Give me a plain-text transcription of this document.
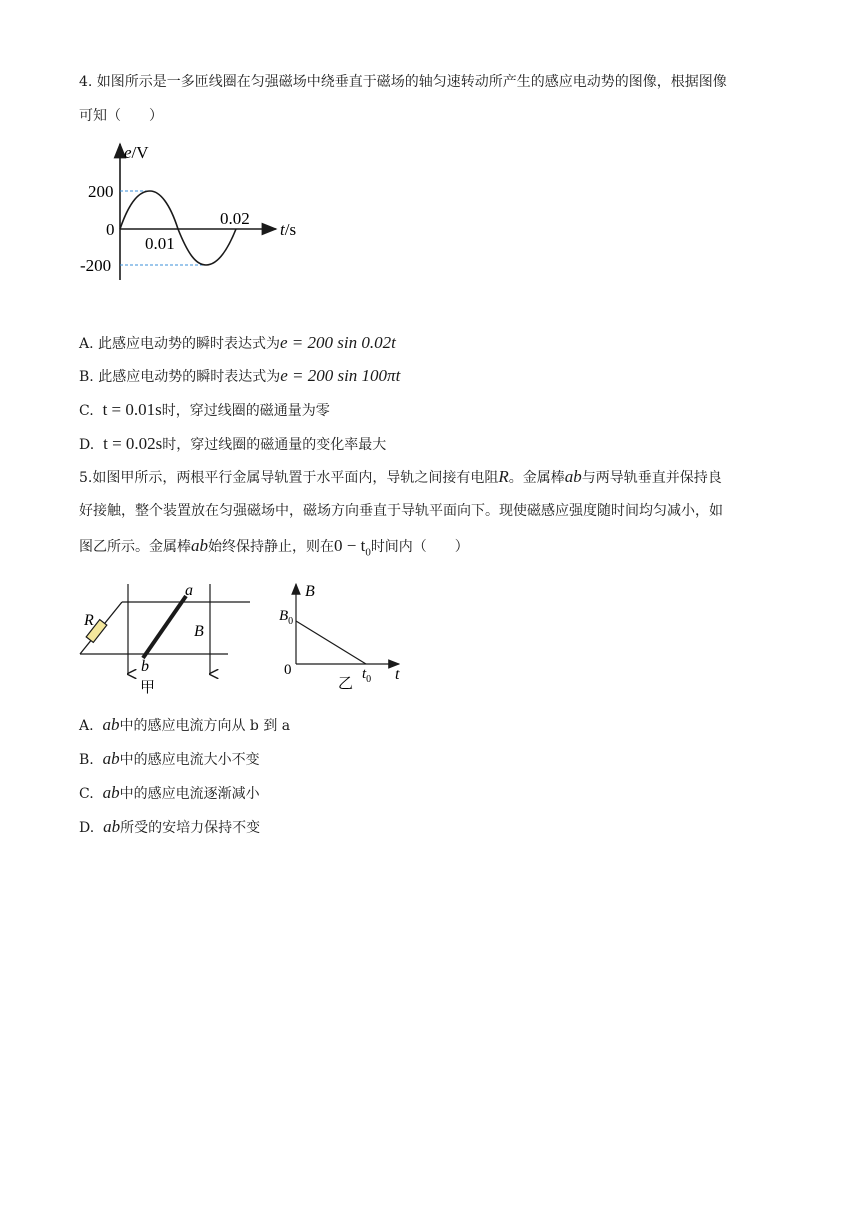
4. 如图所示是一多匝线圈在匀强磁场中绕垂直于磁场的轴匀速转动所产生的感应电动势的图像，根据图像
可知（　　）
e/V
t/s
200
0
-200
0.01
0.02
A. 此感应电动势的瞬时表达式为e = 200 sin 0.02t
B. 此感应电动势的瞬时表达式为e = 200 sin 100πt
C. t = 0.01s时，穿过线圈的磁通量为零
D. t = 0.02s时，穿过线圈的磁通量的变化率最大
5.如图甲所示，两根平行金属导轨置于水平面内，导轨之间接有电阻R。金属棒ab与两导轨垂直并保持良
好接触，整个装置放在匀强磁场中，磁场方向垂直于导轨平面向下。现使磁感应强度随时间均匀减小，如
图乙所示。金属棒ab始终保持静止，则在$0 - t_0$时间内（　　）
R
a
b
B
甲
B
$B_0$
0	$t_0$ t
乙
A. ab中的感应电流方向从 b 到 a
B. ab中的感应电流大小不变
C. ab中的感应电流逐渐减小
D. ab所受的安培力保持不变
